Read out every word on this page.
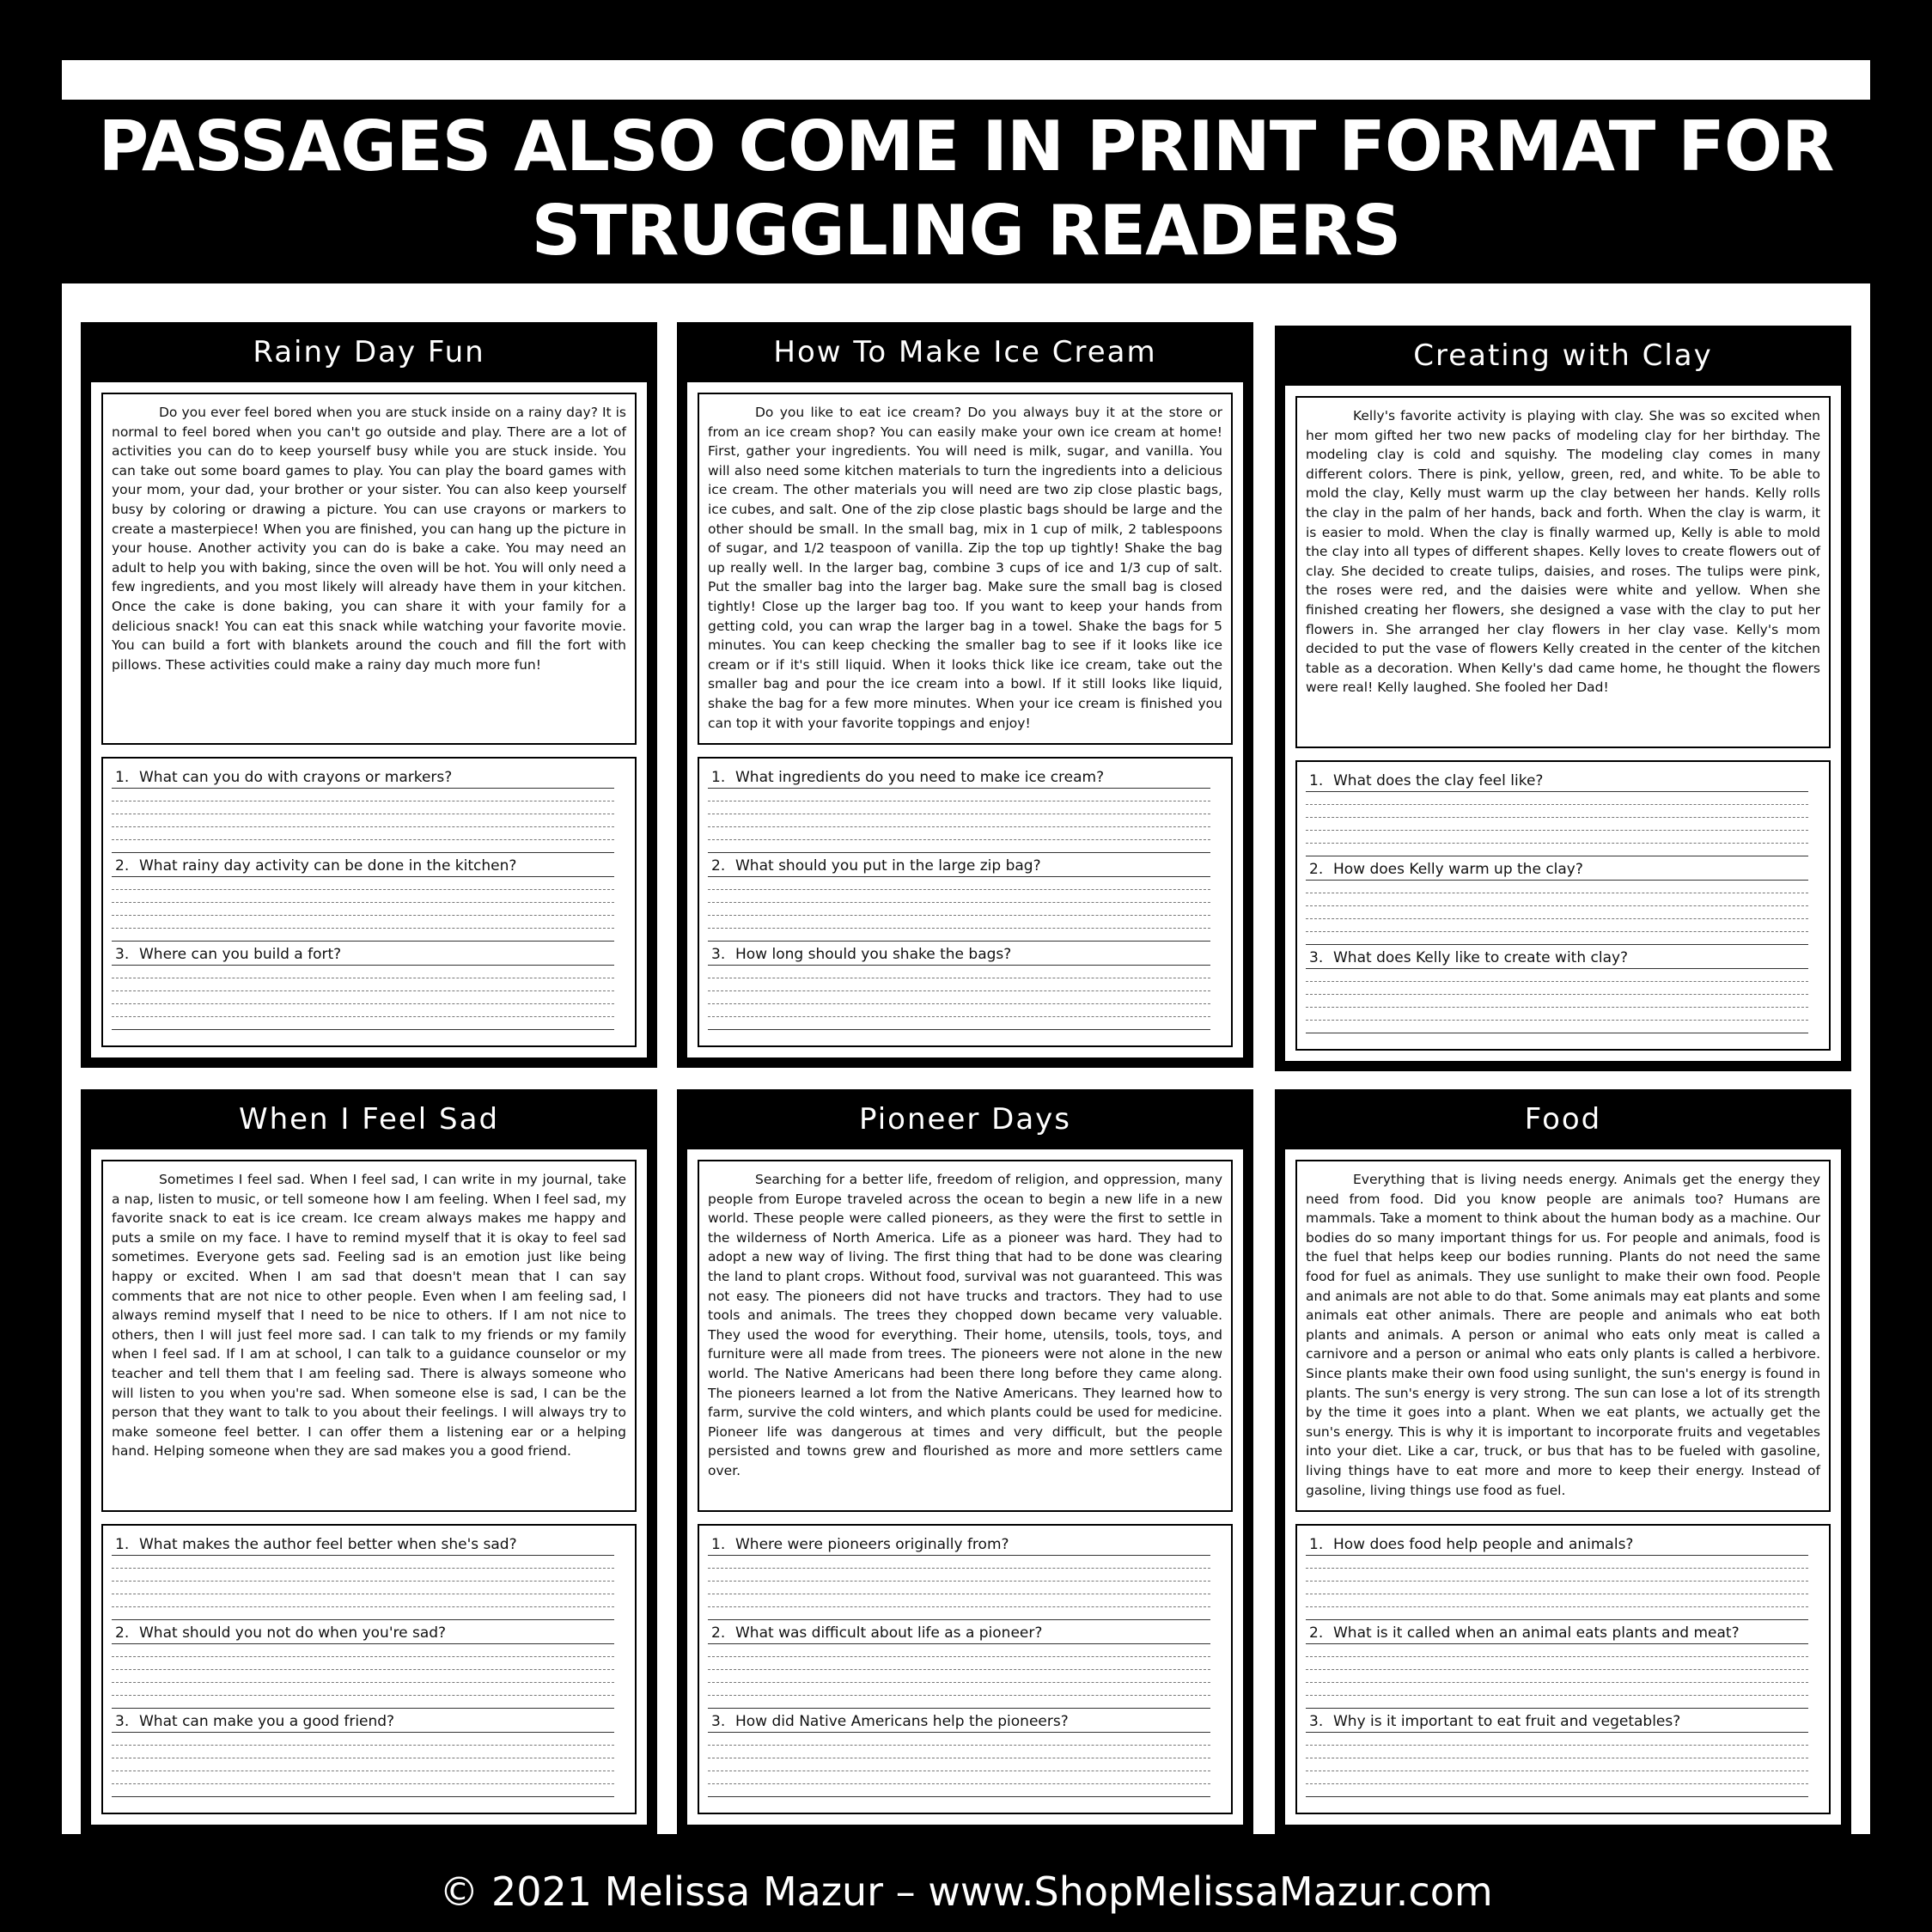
PASSAGES ALSO COME IN PRINT FORMAT FOR
STRUGGLING READERS
Rainy Day Fun

Do you ever feel bored when you are stuck inside on a rainy day? It is normal to feel bored when you can't go outside and play. There are a lot of activities you can do to keep yourself busy while you are stuck inside. You can take out some board games to play. You can play the board games with your mom, your dad, your brother or your sister. You can also keep yourself busy by coloring or drawing a picture. You can use crayons or markers to create a masterpiece! When you are finished, you can hang up the picture in your house. Another activity you can do is bake a cake. You may need an adult to help you with baking, since the oven will be hot. You will only need a few ingredients, and you most likely will already have them in your kitchen. Once the cake is done baking, you can share it with your family for a delicious snack! You can eat this snack while watching your favorite movie. You can build a fort with blankets around the couch and fill the fort with pillows. These activities could make a rainy day much more fun!

1. What can you do with crayons or markers?
2. What rainy day activity can be done in the kitchen?
3. Where can you build a fort?
How To Make Ice Cream

Do you like to eat ice cream? Do you always buy it at the store or from an ice cream shop? You can easily make your own ice cream at home! First, gather your ingredients. You will need is milk, sugar, and vanilla. You will also need some kitchen materials to turn the ingredients into a delicious ice cream. The other materials you will need are two zip close plastic bags, ice cubes, and salt. One of the zip close plastic bags should be large and the other should be small. In the small bag, mix in 1 cup of milk, 2 tablespoons of sugar, and 1/2 teaspoon of vanilla. Zip the top up tightly! Shake the bag up really well. In the larger bag, combine 3 cups of ice and 1/3 cup of salt. Put the smaller bag into the larger bag. Make sure the small bag is closed tightly! Close up the larger bag too. If you want to keep your hands from getting cold, you can wrap the larger bag in a towel. Shake the bags for 5 minutes. You can keep checking the smaller bag to see if it looks like ice cream or if it's still liquid. When it looks thick like ice cream, take out the smaller bag and pour the ice cream into a bowl. If it still looks like liquid, shake the bag for a few more minutes. When your ice cream is finished you can top it with your favorite toppings and enjoy!

1. What ingredients do you need to make ice cream?
2. What should you put in the large zip bag?
3. How long should you shake the bags?
Creating with Clay

Kelly's favorite activity is playing with clay. She was so excited when her mom gifted her two new packs of modeling clay for her birthday. The modeling clay is cold and squishy. The modeling clay comes in many different colors. There is pink, yellow, green, red, and white. To be able to mold the clay, Kelly must warm up the clay between her hands. Kelly rolls the clay in the palm of her hands, back and forth. When the clay is warm, it is easier to mold. When the clay is finally warmed up, Kelly is able to mold the clay into all types of different shapes. Kelly loves to create flowers out of clay. She decided to create tulips, daisies, and roses. The tulips were pink, the roses were red, and the daisies were white and yellow. When she finished creating her flowers, she designed a vase with the clay to put her flowers in. She arranged her clay flowers in her clay vase. Kelly's mom decided to put the vase of flowers Kelly created in the center of the kitchen table as a decoration. When Kelly's dad came home, he thought the flowers were real! Kelly laughed. She fooled her Dad!

1. What does the clay feel like?
2. How does Kelly warm up the clay?
3. What does Kelly like to create with clay?
When I Feel Sad

Sometimes I feel sad. When I feel sad, I can write in my journal, take a nap, listen to music, or tell someone how I am feeling. When I feel sad, my favorite snack to eat is ice cream. Ice cream always makes me happy and puts a smile on my face. I have to remind myself that it is okay to feel sad sometimes. Everyone gets sad. Feeling sad is an emotion just like being happy or excited. When I am sad that doesn't mean that I can say comments that are not nice to other people. Even when I am feeling sad, I always remind myself that I need to be nice to others. If I am not nice to others, then I will just feel more sad. I can talk to my friends or my family when I feel sad. If I am at school, I can talk to a guidance counselor or my teacher and tell them that I am feeling sad. There is always someone who will listen to you when you're sad. When someone else is sad, I can be the person that they want to talk to you about their feelings. I will always try to make someone feel better. I can offer them a listening ear or a helping hand. Helping someone when they are sad makes you a good friend.

1. What makes the author feel better when she's sad?
2. What should you not do when you're sad?
3. What can make you a good friend?
Pioneer Days

Searching for a better life, freedom of religion, and oppression, many people from Europe traveled across the ocean to begin a new life in a new world. These people were called pioneers, as they were the first to settle in the wilderness of North America. Life as a pioneer was hard. They had to adopt a new way of living. The first thing that had to be done was clearing the land to plant crops. Without food, survival was not guaranteed. This was not easy. The pioneers did not have trucks and tractors. They had to use tools and animals. The trees they chopped down became very valuable. They used the wood for everything. Their home, utensils, tools, toys, and furniture were all made from trees. The pioneers were not alone in the new world. The Native Americans had been there long before they came along. The pioneers learned a lot from the Native Americans. They learned how to farm, survive the cold winters, and which plants could be used for medicine. Pioneer life was dangerous at times and very difficult, but the people persisted and towns grew and flourished as more and more settlers came over.

1. Where were pioneers originally from?
2. What was difficult about life as a pioneer?
3. How did Native Americans help the pioneers?
Food

Everything that is living needs energy. Animals get the energy they need from food. Did you know people are animals too? Humans are mammals. Take a moment to think about the human body as a machine. Our bodies do so many important things for us. For people and animals, food is the fuel that helps keep our bodies running. Plants do not need the same food for fuel as animals. They use sunlight to make their own food. People and animals are not able to do that. Some animals may eat plants and some animals eat other animals. There are people and animals who eat both plants and animals. A person or animal who eats only meat is called a carnivore and a person or animal who eats only plants is called a herbivore. Since plants make their own food using sunlight, the sun's energy is found in plants. The sun's energy is very strong. The sun can lose a lot of its strength by the time it goes into a plant. When we eat plants, we actually get the sun's energy. This is why it is important to incorporate fruits and vegetables into your diet. Like a car, truck, or bus that has to be fueled with gasoline, living things have to eat more and more to keep their energy. Instead of gasoline, living things use food as fuel.

1. How does food help people and animals?
2. What is it called when an animal eats plants and meat?
3. Why is it important to eat fruit and vegetables?
© 2021 Melissa Mazur – www.ShopMelissaMazur.com
